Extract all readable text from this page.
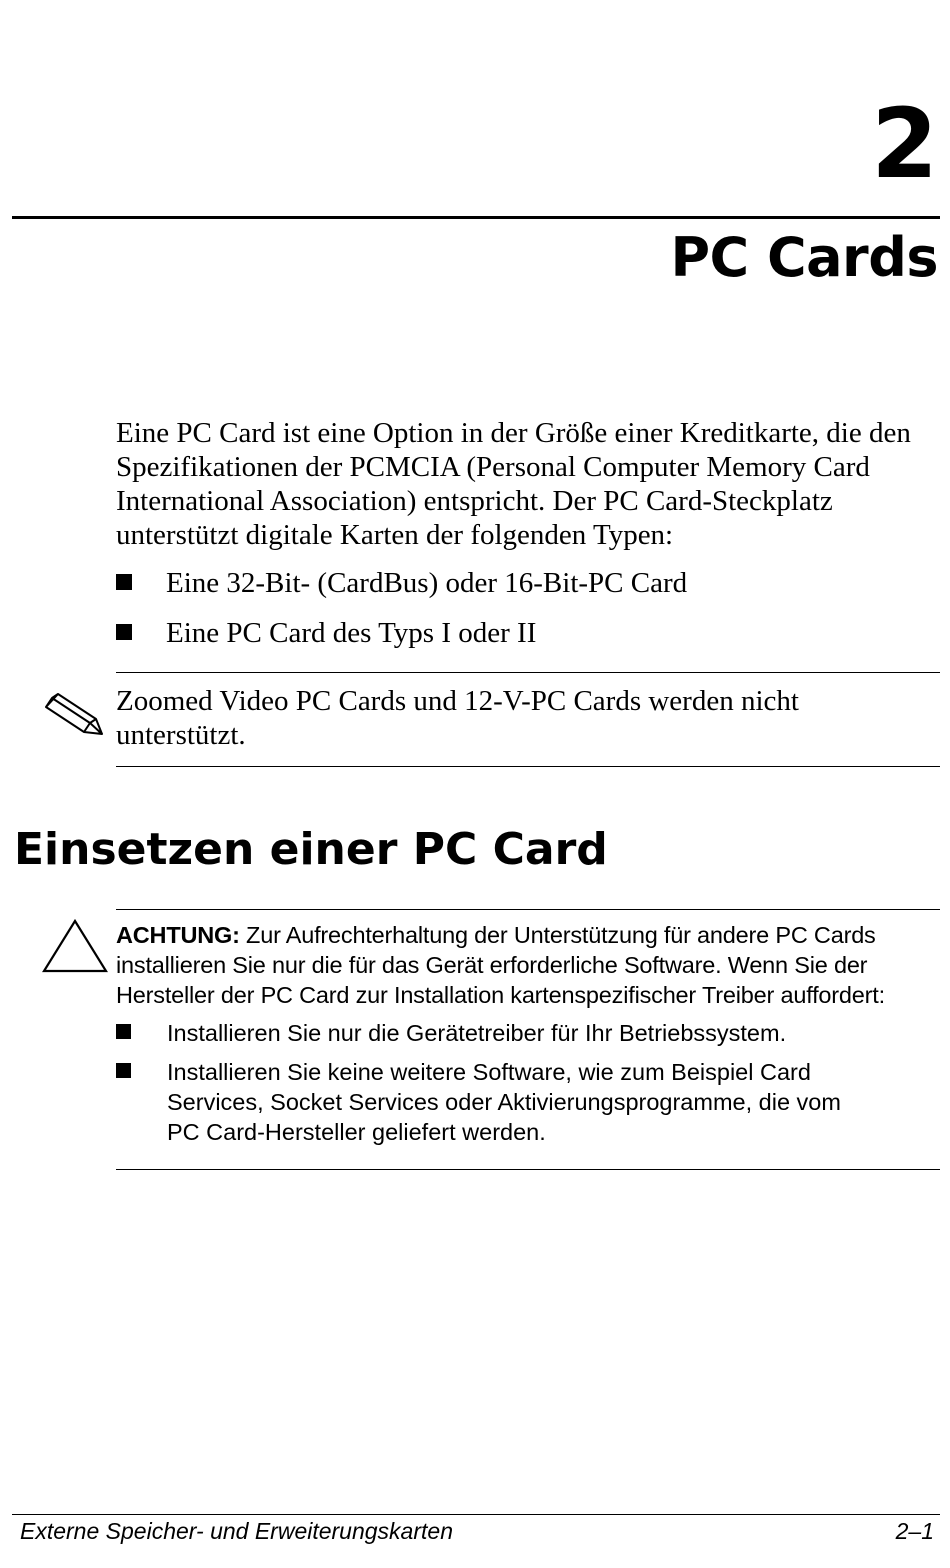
2
PC Cards

Eine PC Card ist eine Option in der Größe einer Kreditkarte, die den Spezifikationen der PCMCIA (Personal Computer Memory Card International Association) entspricht. Der PC Card-Steckplatz unterstützt digitale Karten der folgenden Typen:

Eine 32-Bit- (CardBus) oder 16-Bit-PC Card
Eine PC Card des Typs I oder II

Zoomed Video PC Cards und 12-V-PC Cards werden nicht unterstützt.

Einsetzen einer PC Card

ACHTUNG: Zur Aufrechterhaltung der Unterstützung für andere PC Cards installieren Sie nur die für das Gerät erforderliche Software. Wenn Sie der Hersteller der PC Card zur Installation kartenspezifischer Treiber auffordert:

Installieren Sie nur die Gerätetreiber für Ihr Betriebssystem.
Installieren Sie keine weitere Software, wie zum Beispiel Card Services, Socket Services oder Aktivierungsprogramme, die vom PC Card-Hersteller geliefert werden.
Externe Speicher- und Erweiterungskarten	2–1
